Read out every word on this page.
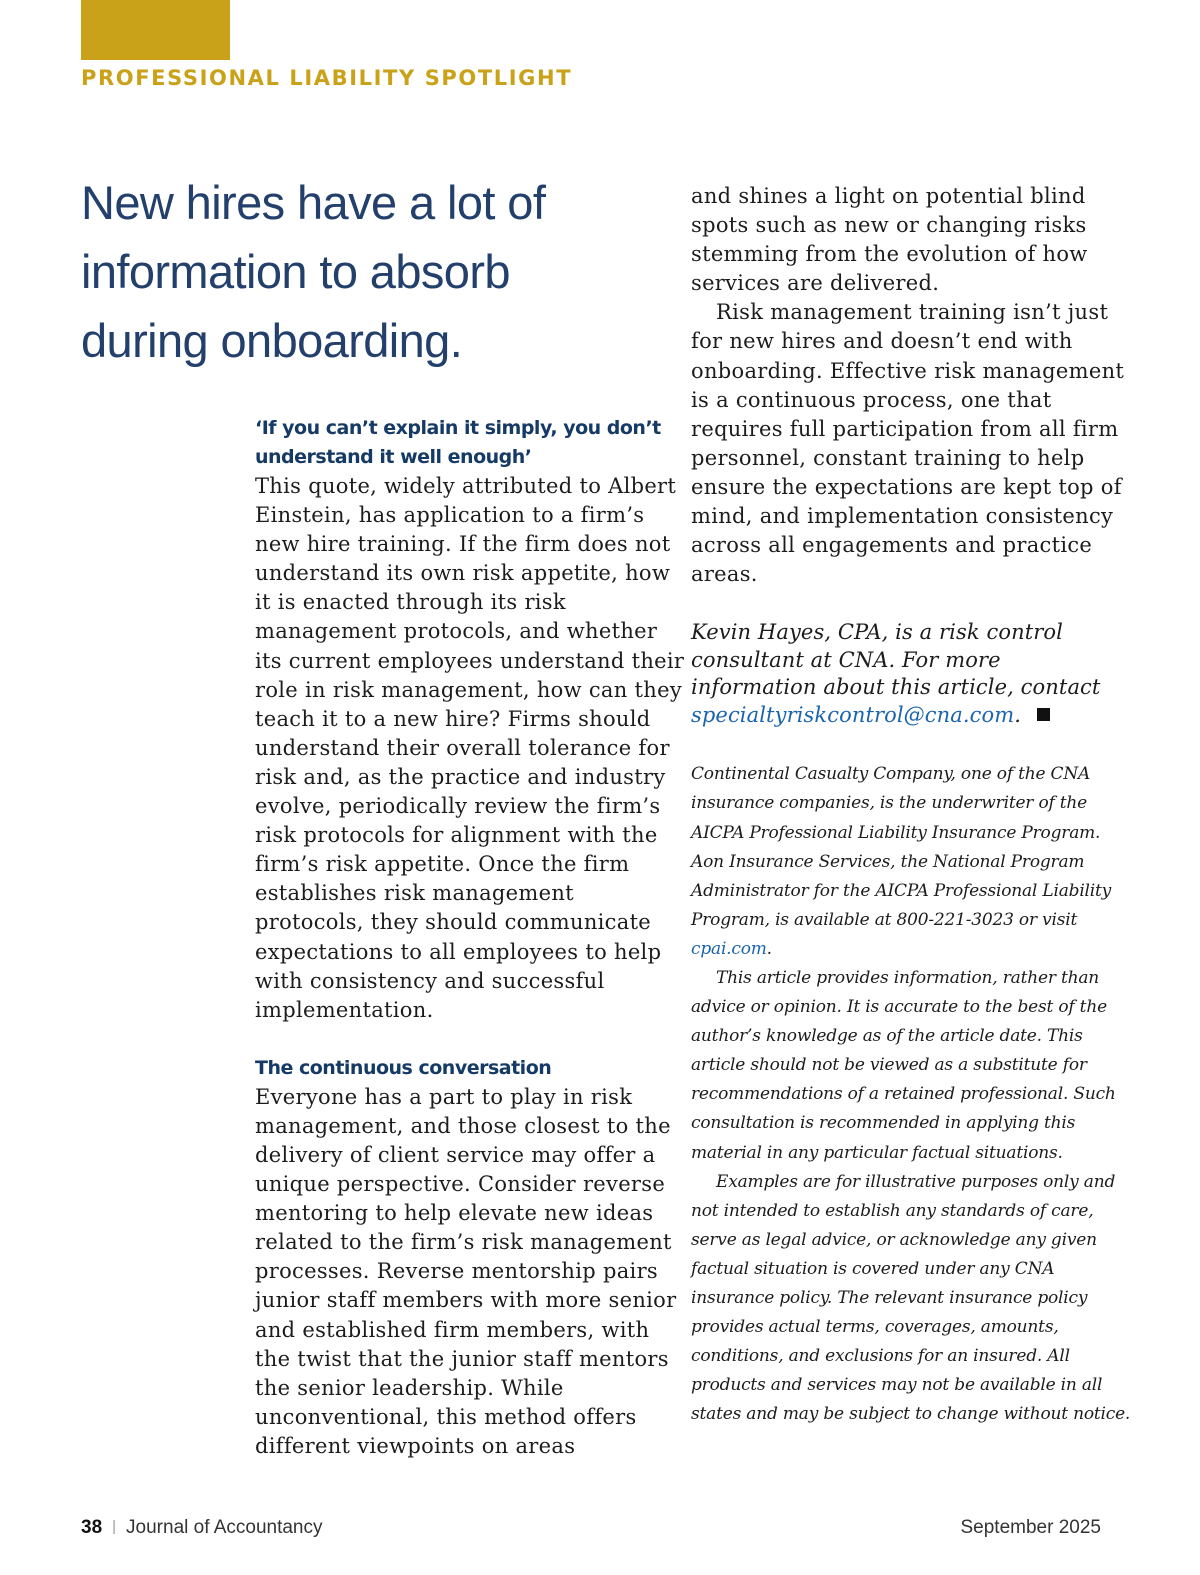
PROFESSIONAL LIABILITY SPOTLIGHT
New hires have a lot of information to absorb during onboarding.

‘If you can’t explain it simply, you don’t understand it well enough’

This quote, widely attributed to Albert Einstein, has application to a firm’s new hire training. If the firm does not understand its own risk appetite, how it is enacted through its risk management protocols, and whether its current employees understand their role in risk management, how can they teach it to a new hire? Firms should understand their overall tolerance for risk and, as the practice and industry evolve, periodically review the firm’s risk protocols for alignment with the firm’s risk appetite. Once the firm establishes risk management protocols, they should communicate expectations to all employees to help with consistency and successful implementation.

The continuous conversation

Everyone has a part to play in risk management, and those closest to the delivery of client service may offer a unique perspective. Consider reverse mentoring to help elevate new ideas related to the firm’s risk management processes. Reverse mentorship pairs junior staff members with more senior and established firm members, with the twist that the junior staff mentors the senior leadership. While unconventional, this method offers different viewpoints on areas

and shines a light on potential blind spots such as new or changing risks stemming from the evolution of how services are delivered.

Risk management training isn’t just for new hires and doesn’t end with onboarding. Effective risk management is a continuous process, one that requires full participation from all firm personnel, constant training to help ensure the expectations are kept top of mind, and implementation consistency across all engagements and practice areas.

Kevin Hayes, CPA, is a risk control consultant at CNA. For more information about this article, contact specialtyriskcontrol@cna.com.

Continental Casualty Company, one of the CNA insurance companies, is the underwriter of the AICPA Professional Liability Insurance Program. Aon Insurance Services, the National Program Administrator for the AICPA Professional Liability Program, is available at 800-221-3023 or visit cpai.com.

This article provides information, rather than advice or opinion. It is accurate to the best of the author’s knowledge as of the article date. This article should not be viewed as a substitute for recommendations of a retained professional. Such consultation is recommended in applying this material in any particular factual situations.

Examples are for illustrative purposes only and not intended to establish any standards of care, serve as legal advice, or acknowledge any given factual situation is covered under any CNA insurance policy. The relevant insurance policy provides actual terms, coverages, amounts, conditions, and exclusions for an insured. All products and services may not be available in all states and may be subject to change without notice.

38 | Journal of Accountancy	September 2025
